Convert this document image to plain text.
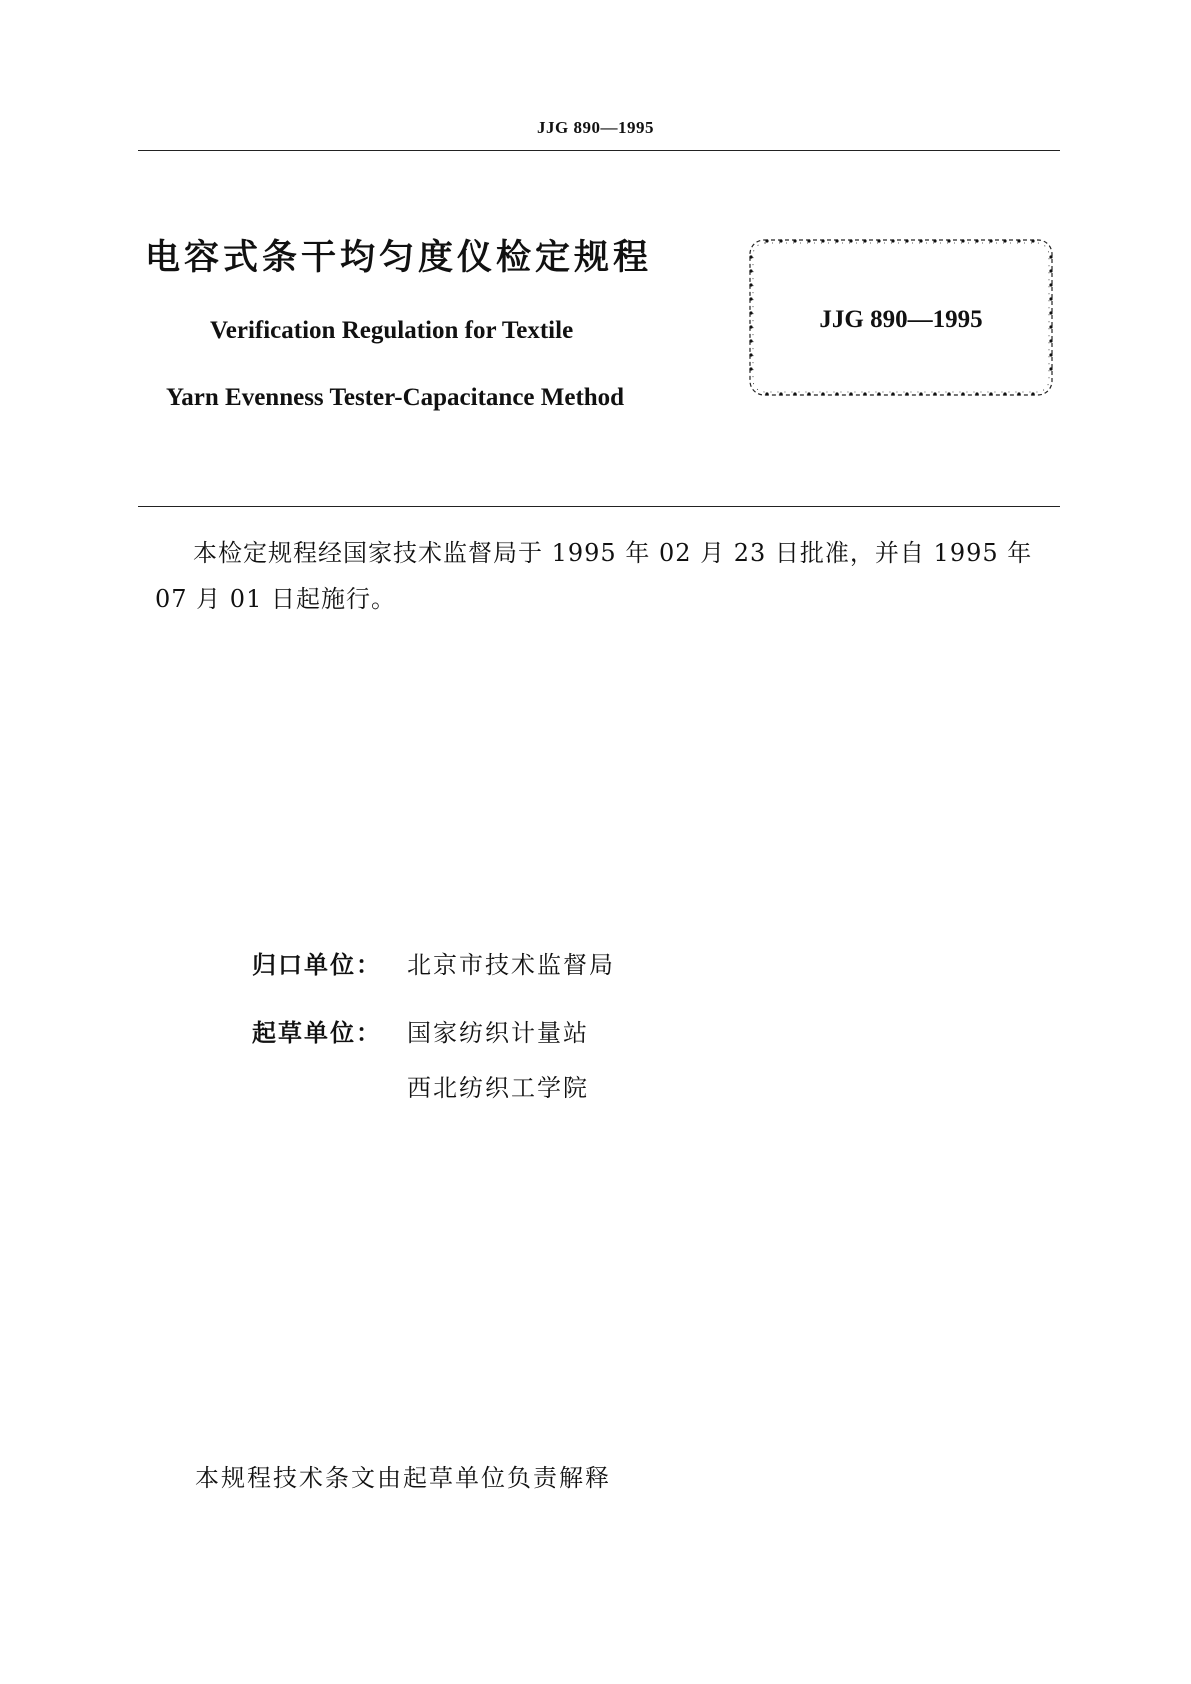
JJG 890—1995
电容式条干均匀度仪检定规程
Verification Regulation for Textile
Yarn Evenness Tester-Capacitance Method
JJG 890—1995
本检定规程经国家技术监督局于 1995 年 02 月 23 日批准，并自 1995 年 07 月 01 日起施行。
归口单位： 北京市技术监督局
起草单位： 国家纺织计量站
西北纺织工学院
本规程技术条文由起草单位负责解释
